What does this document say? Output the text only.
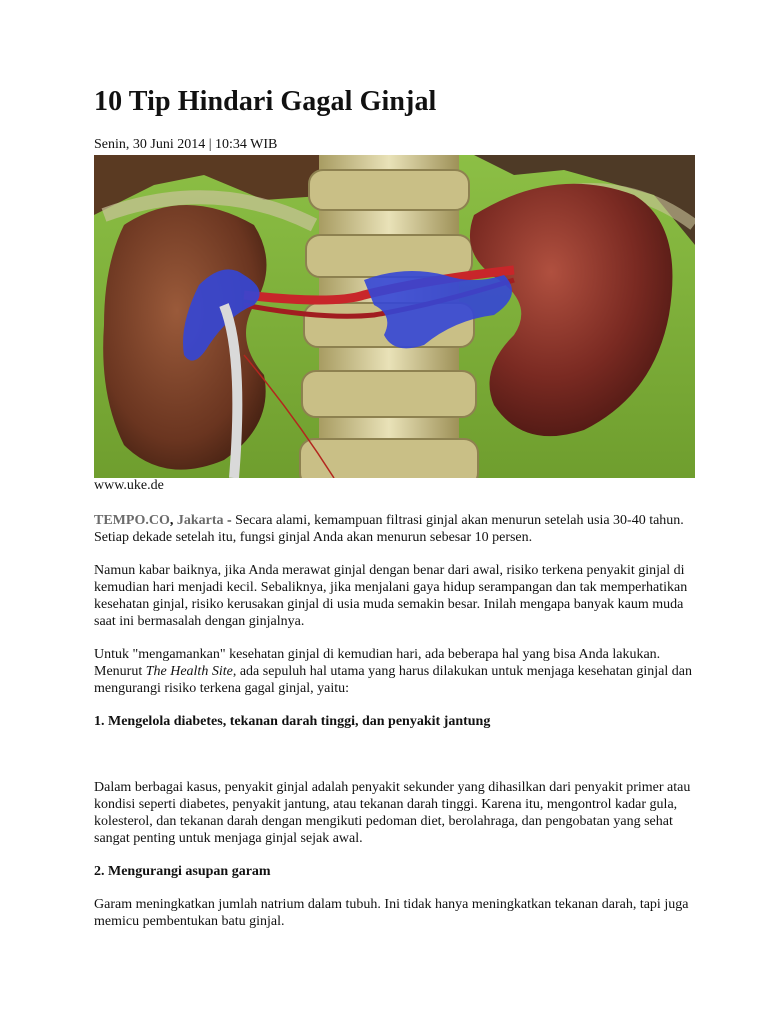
10 Tip Hindari Gagal Ginjal
Senin, 30 Juni 2014 | 10:34 WIB
www.uke.de

TEMPO.CO, Jakarta - Secara alami, kemampuan filtrasi ginjal akan menurun setelah usia 30-40 tahun. Setiap dekade setelah itu, fungsi ginjal Anda akan menurun sebesar 10 persen.

Namun kabar baiknya, jika Anda merawat ginjal dengan benar dari awal, risiko terkena penyakit ginjal di kemudian hari menjadi kecil. Sebaliknya, jika menjalani gaya hidup serampangan dan tak memperhatikan kesehatan ginjal, risiko kerusakan ginjal di usia muda semakin besar. Inilah mengapa banyak kaum muda saat ini bermasalah dengan ginjalnya.

Untuk "mengamankan" kesehatan ginjal di kemudian hari, ada beberapa hal yang bisa Anda lakukan. Menurut The Health Site, ada sepuluh hal utama yang harus dilakukan untuk menjaga kesehatan ginjal dan mengurangi risiko terkena gagal ginjal, yaitu:

1. Mengelola diabetes, tekanan darah tinggi, dan penyakit jantung

Dalam berbagai kasus, penyakit ginjal adalah penyakit sekunder yang dihasilkan dari penyakit primer atau kondisi seperti diabetes, penyakit jantung, atau tekanan darah tinggi. Karena itu, mengontrol kadar gula, kolesterol, dan tekanan darah dengan mengikuti pedoman diet, berolahraga, dan pengobatan yang sehat sangat penting untuk menjaga ginjal sejak awal.

2. Mengurangi asupan garam

Garam meningkatkan jumlah natrium dalam tubuh. Ini tidak hanya meningkatkan tekanan darah, tapi juga memicu pembentukan batu ginjal.
